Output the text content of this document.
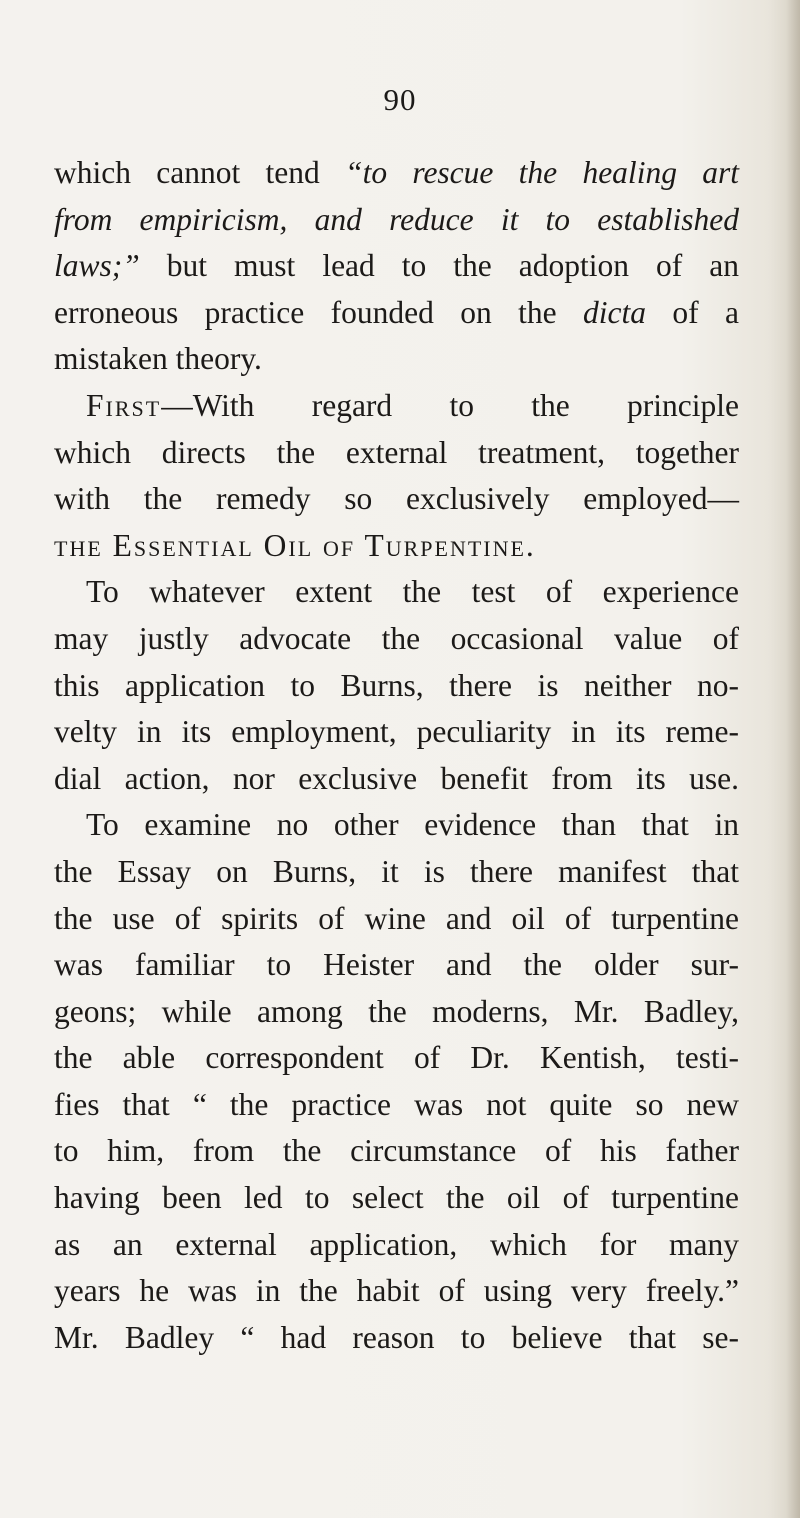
90
which cannot tend “to rescue the healing art
from empiricism, and reduce it to established
laws;” but must lead to the adoption of an
erroneous practice founded on the dicta of a
mistaken theory.
First—With regard to the principle
which directs the external treatment, together
with the remedy so exclusively employed—
the Essential Oil of Turpentine.
To whatever extent the test of experience
may justly advocate the occasional value of
this application to Burns, there is neither no-
velty in its employment, peculiarity in its reme-
dial action, nor exclusive benefit from its use.
To examine no other evidence than that in
the Essay on Burns, it is there manifest that
the use of spirits of wine and oil of turpentine
was familiar to Heister and the older sur-
geons; while among the moderns, Mr. Badley,
the able correspondent of Dr. Kentish, testi-
fies that “ the practice was not quite so new
to him, from the circumstance of his father
having been led to select the oil of turpentine
as an external application, which for many
years he was in the habit of using very freely.”
Mr. Badley “ had reason to believe that se-
